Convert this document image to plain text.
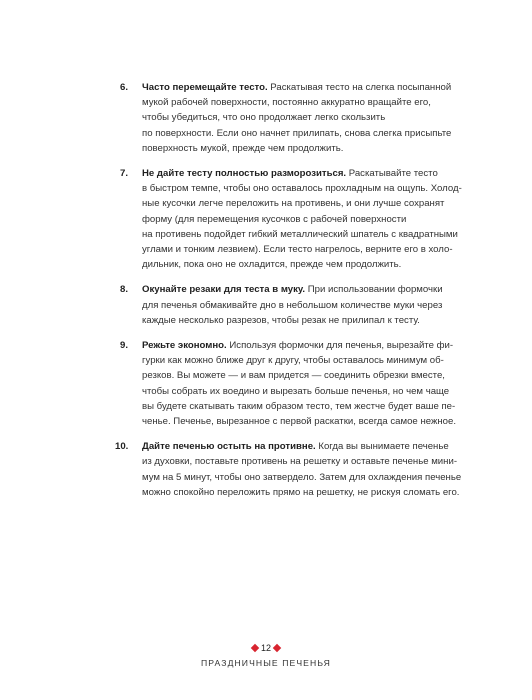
6. Часто перемещайте тесто. Раскатывая тесто на слегка посыпанной
мукой рабочей поверхности, постоянно аккуратно вращайте его,
чтобы убедиться, что оно продолжает легко скользить
по поверхности. Если оно начнет прилипать, снова слегка присыпьте
поверхность мукой, прежде чем продолжить.
7. Не дайте тесту полностью разморозиться. Раскатывайте тесто
в быстром темпе, чтобы оно оставалось прохладным на ощупь. Холод-
ные кусочки легче переложить на противень, и они лучше сохранят
форму (для перемещения кусочков с рабочей поверхности
на противень подойдет гибкий металлический шпатель с квадратными
углами и тонким лезвием). Если тесто нагрелось, верните его в холо-
дильник, пока оно не охладится, прежде чем продолжить.
8. Окунайте резаки для теста в муку. При использовании формочки
для печенья обмакивайте дно в небольшом количестве муки через
каждые несколько разрезов, чтобы резак не прилипал к тесту.
9. Режьте экономно. Используя формочки для печенья, вырезайте фи-
гурки как можно ближе друг к другу, чтобы оставалось минимум об-
резков. Вы можете — и вам придется — соединить обрезки вместе,
чтобы собрать их воедино и вырезать больше печенья, но чем чаще
вы будете скатывать таким образом тесто, тем жестче будет ваше пе-
ченье. Печенье, вырезанное с первой раскатки, всегда самое нежное.
10. Дайте печенью остыть на противне. Когда вы вынимаете печенье
из духовки, поставьте противень на решетку и оставьте печенье мини-
мум на 5 минут, чтобы оно затвердело. Затем для охлаждения печенье
можно спокойно переложить прямо на решетку, не рискуя сломать его.
12
ПРАЗДНИЧНЫЕ ПЕЧЕНЬЯ
